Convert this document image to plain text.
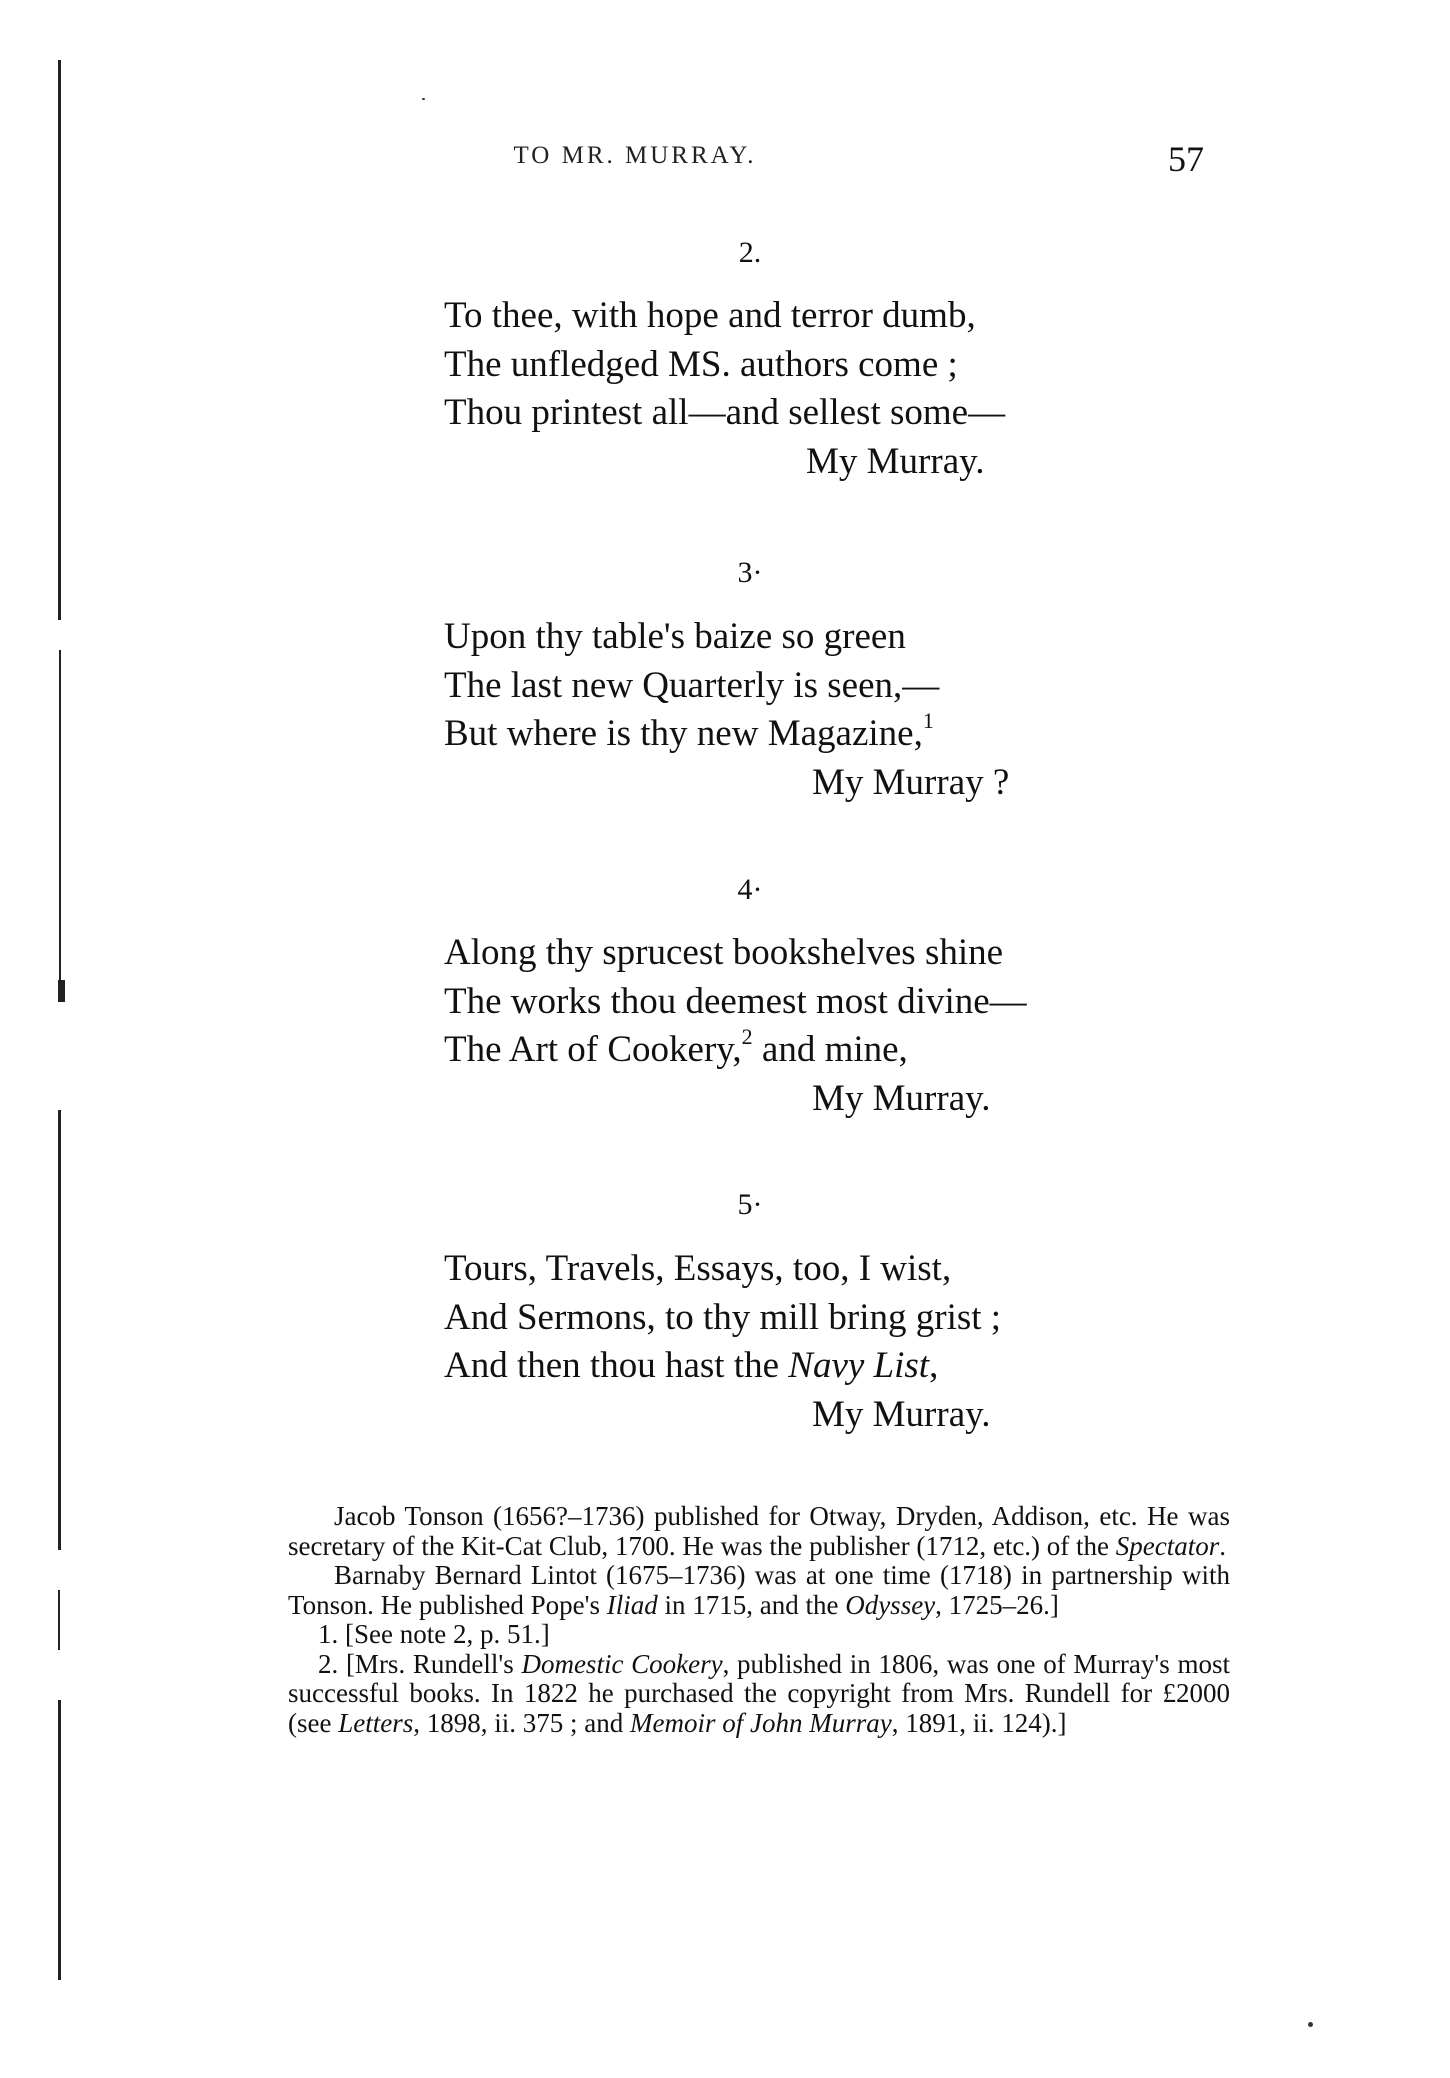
TO MR. MURRAY.	57
2.
To thee, with hope and terror dumb,
The unfledged MS. authors come ;
Thou printest all—and sellest some—
My Murray.
3·
Upon thy table's baize so green
The last new Quarterly is seen,—
But where is thy new Magazine,$^1$
My Murray ?
4·
Along thy sprucest bookshelves shine
The works thou deemest most divine—
The Art of Cookery,$^2$ and mine,
My Murray.
5·
Tours, Travels, Essays, too, I wist,
And Sermons, to thy mill bring grist ;
And then thou hast the Navy List,
My Murray.

Jacob Tonson (1656?–1736) published for Otway, Dryden, Addison, etc. He was secretary of the Kit-Cat Club, 1700. He was the publisher (1712, etc.) of the Spectator.

Barnaby Bernard Lintot (1675–1736) was at one time (1718) in partnership with Tonson. He published Pope's Iliad in 1715, and the Odyssey, 1725–26.]

1. [See note 2, p. 51.]

2. [Mrs. Rundell's Domestic Cookery, published in 1806, was one of Murray's most successful books. In 1822 he purchased the copyright from Mrs. Rundell for £2000 (see Letters, 1898, ii. 375 ; and Memoir of John Murray, 1891, ii. 124).]
